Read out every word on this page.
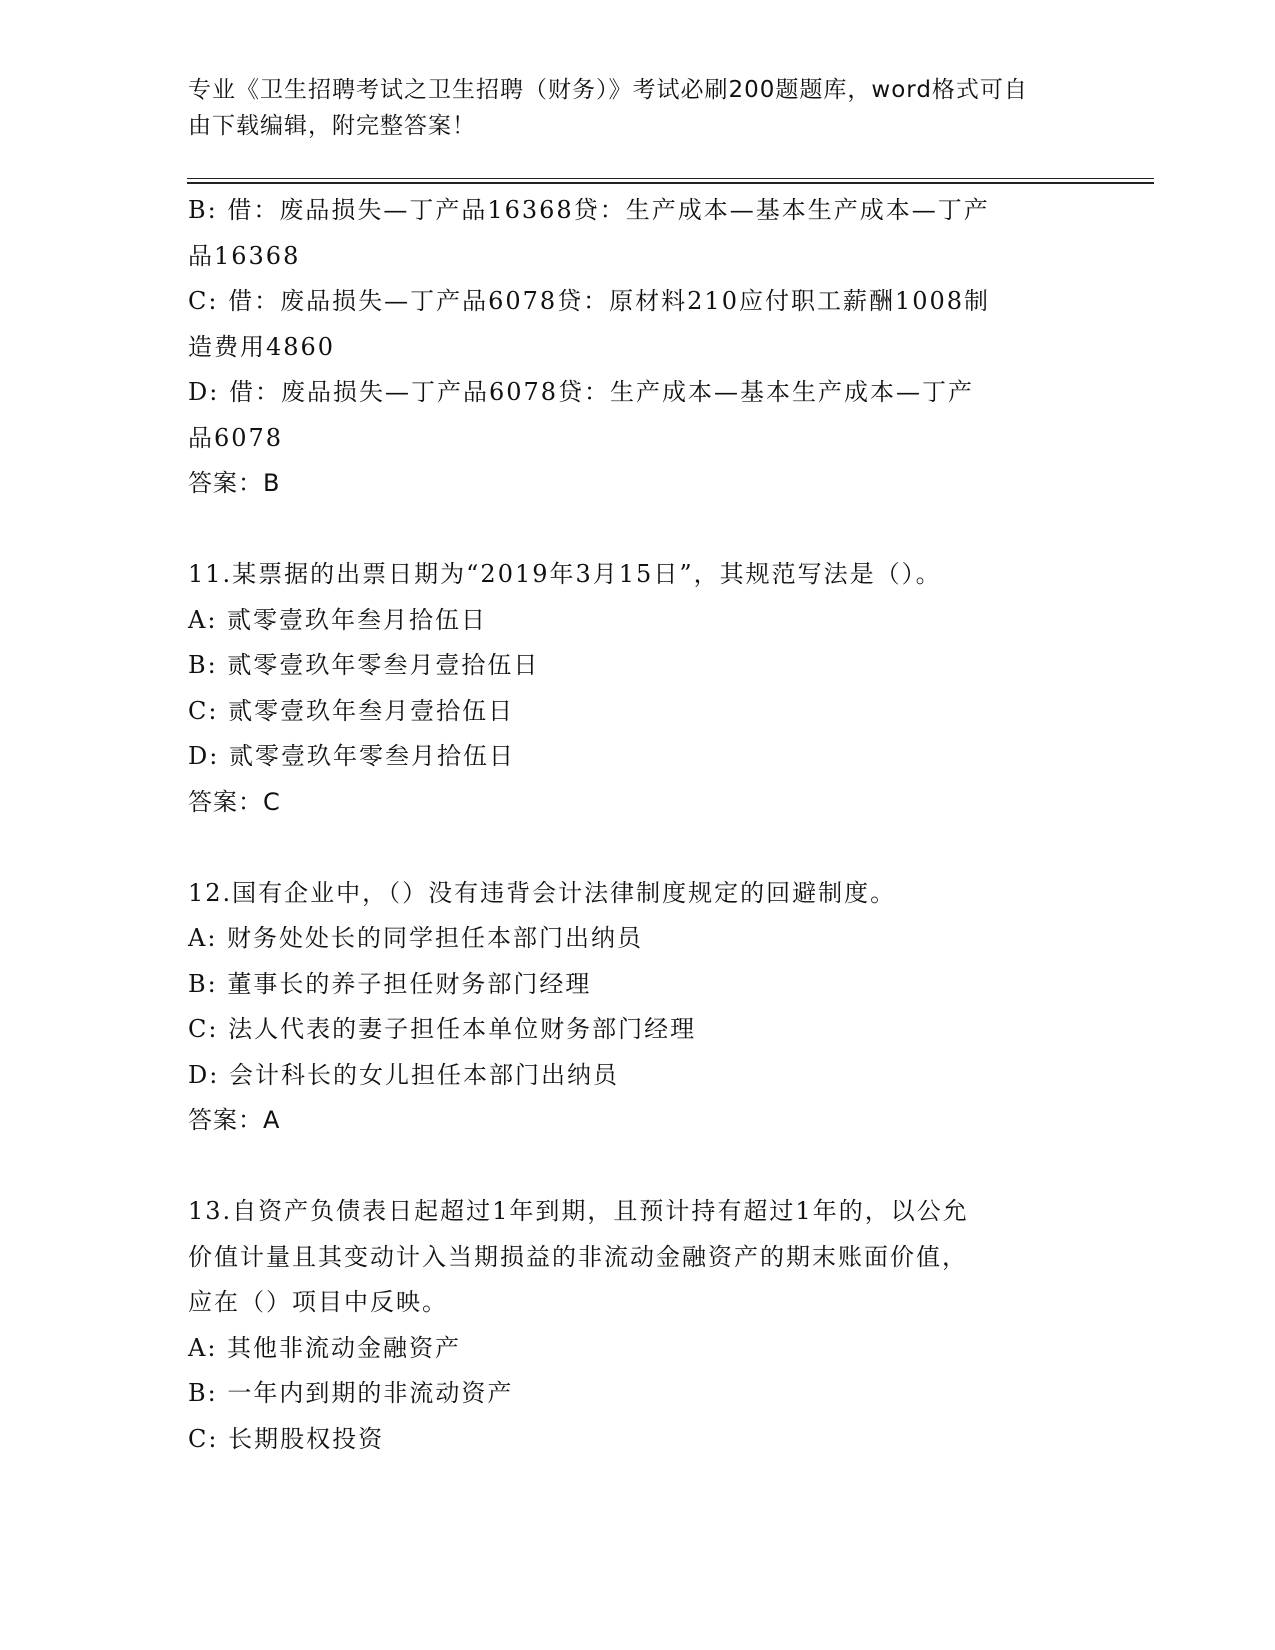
专业《卫生招聘考试之卫生招聘（财务）》考试必刷200题题库，word格式可自
由下载编辑，附完整答案！
B: 借：废品损失—丁产品16368贷：生产成本—基本生产成本—丁产
品16368
C: 借：废品损失—丁产品6078贷：原材料210应付职工薪酬1008制
造费用4860
D: 借：废品损失—丁产品6078贷：生产成本—基本生产成本—丁产
品6078
答案：B
11.某票据的出票日期为“2019年3月15日”，其规范写法是（）。
A: 贰零壹玖年叁月拾伍日
B: 贰零壹玖年零叁月壹拾伍日
C: 贰零壹玖年叁月壹拾伍日
D: 贰零壹玖年零叁月拾伍日
答案：C
12.国有企业中，（）没有违背会计法律制度规定的回避制度。
A: 财务处处长的同学担任本部门出纳员
B: 董事长的养子担任财务部门经理
C: 法人代表的妻子担任本单位财务部门经理
D: 会计科长的女儿担任本部门出纳员
答案：A
13.自资产负债表日起超过1年到期，且预计持有超过1年的，以公允
价值计量且其变动计入当期损益的非流动金融资产的期末账面价值，
应在（）项目中反映。
A: 其他非流动金融资产
B: 一年内到期的非流动资产
C: 长期股权投资
